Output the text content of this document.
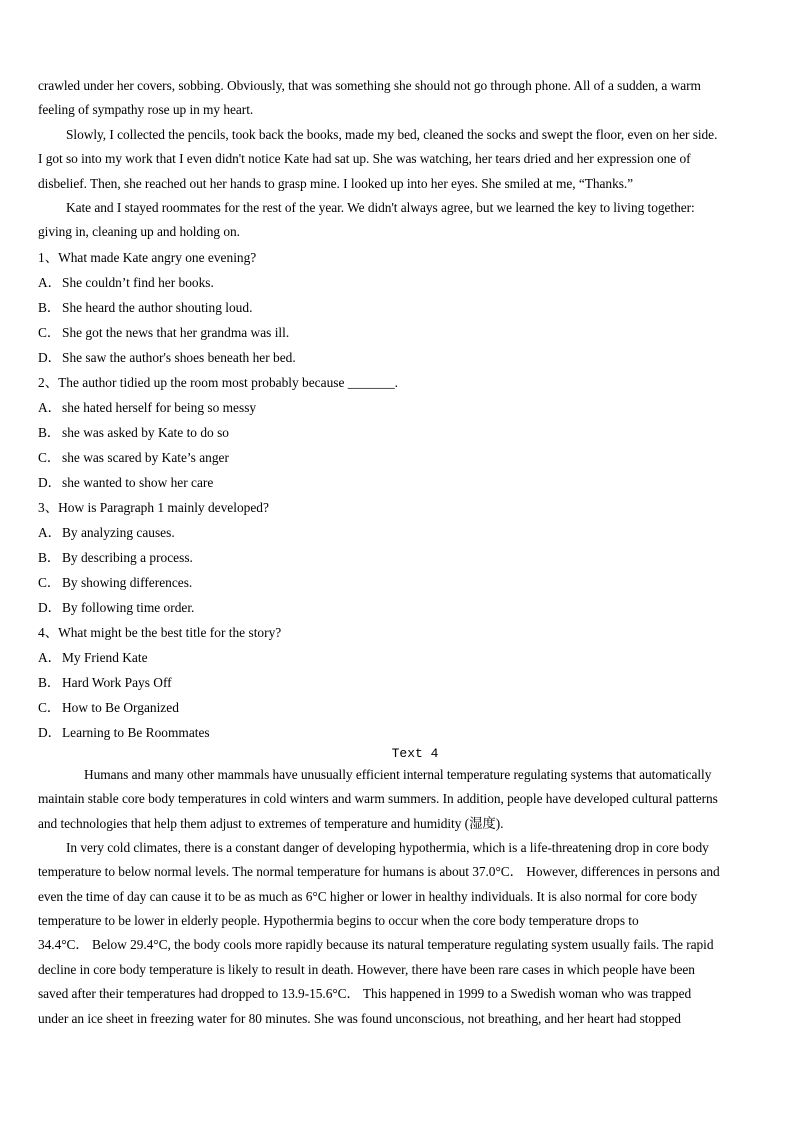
crawled under her covers, sobbing. Obviously, that was something she should not go through phone. All of a sudden, a warm
feeling of sympathy rose up in my heart.
Slowly, I collected the pencils, took back the books, made my bed, cleaned the socks and swept the floor, even on her side.
I got so into my work that I even didn't notice Kate had sat up. She was watching, her tears dried and her expression one of
disbelief. Then, she reached out her hands to grasp mine. I looked up into her eyes. She smiled at me, “Thanks.”
Kate and I stayed roommates for the rest of the year. We didn't always agree, but we learned the key to living together:
giving in, cleaning up and holding on.
1、What made Kate angry one evening?
A．She couldn’t find her books.
B． She heard the author shouting loud.
C． She got the news that her grandma was ill.
D．She saw the author's shoes beneath her bed.
2、The author tidied up the room most probably because _______.
A．she hated herself for being so messy
B． she was asked by Kate to do so
C． she was scared by Kate’s anger
D．she wanted to show her care
3、How is Paragraph 1 mainly developed?
A．By analyzing causes.
B． By describing a process.
C． By showing differences.
D．By following time order.
4、What might be the best title for the story?
A．My Friend Kate
B． Hard Work Pays Off
C． How to Be Organized
D．Learning to Be Roommates
Text 4
Humans and many other mammals have unusually efficient internal temperature regulating systems that automatically
maintain stable core body temperatures in cold winters and warm summers. In addition, people have developed cultural patterns
and technologies that help them adjust to extremes of temperature and humidity (湿度).
In very cold climates, there is a constant danger of developing hypothermia, which is a life-threatening drop in core body
temperature to below normal levels. The normal temperature for humans is about 37.0°C． However, differences in persons and
even the time of day can cause it to be as much as 6°C higher or lower in healthy individuals. It is also normal for core body
temperature to be lower in elderly people. Hypothermia begins to occur when the core body temperature drops to
34.4°C． Below 29.4°C, the body cools more rapidly because its natural temperature regulating system usually fails. The rapid
decline in core body temperature is likely to result in death. However, there have been rare cases in which people have been
saved after their temperatures had dropped to 13.9-15.6°C． This happened in 1999 to a Swedish woman who was trapped
under an ice sheet in freezing water for 80 minutes. She was found unconscious, not breathing, and her heart had stopped
